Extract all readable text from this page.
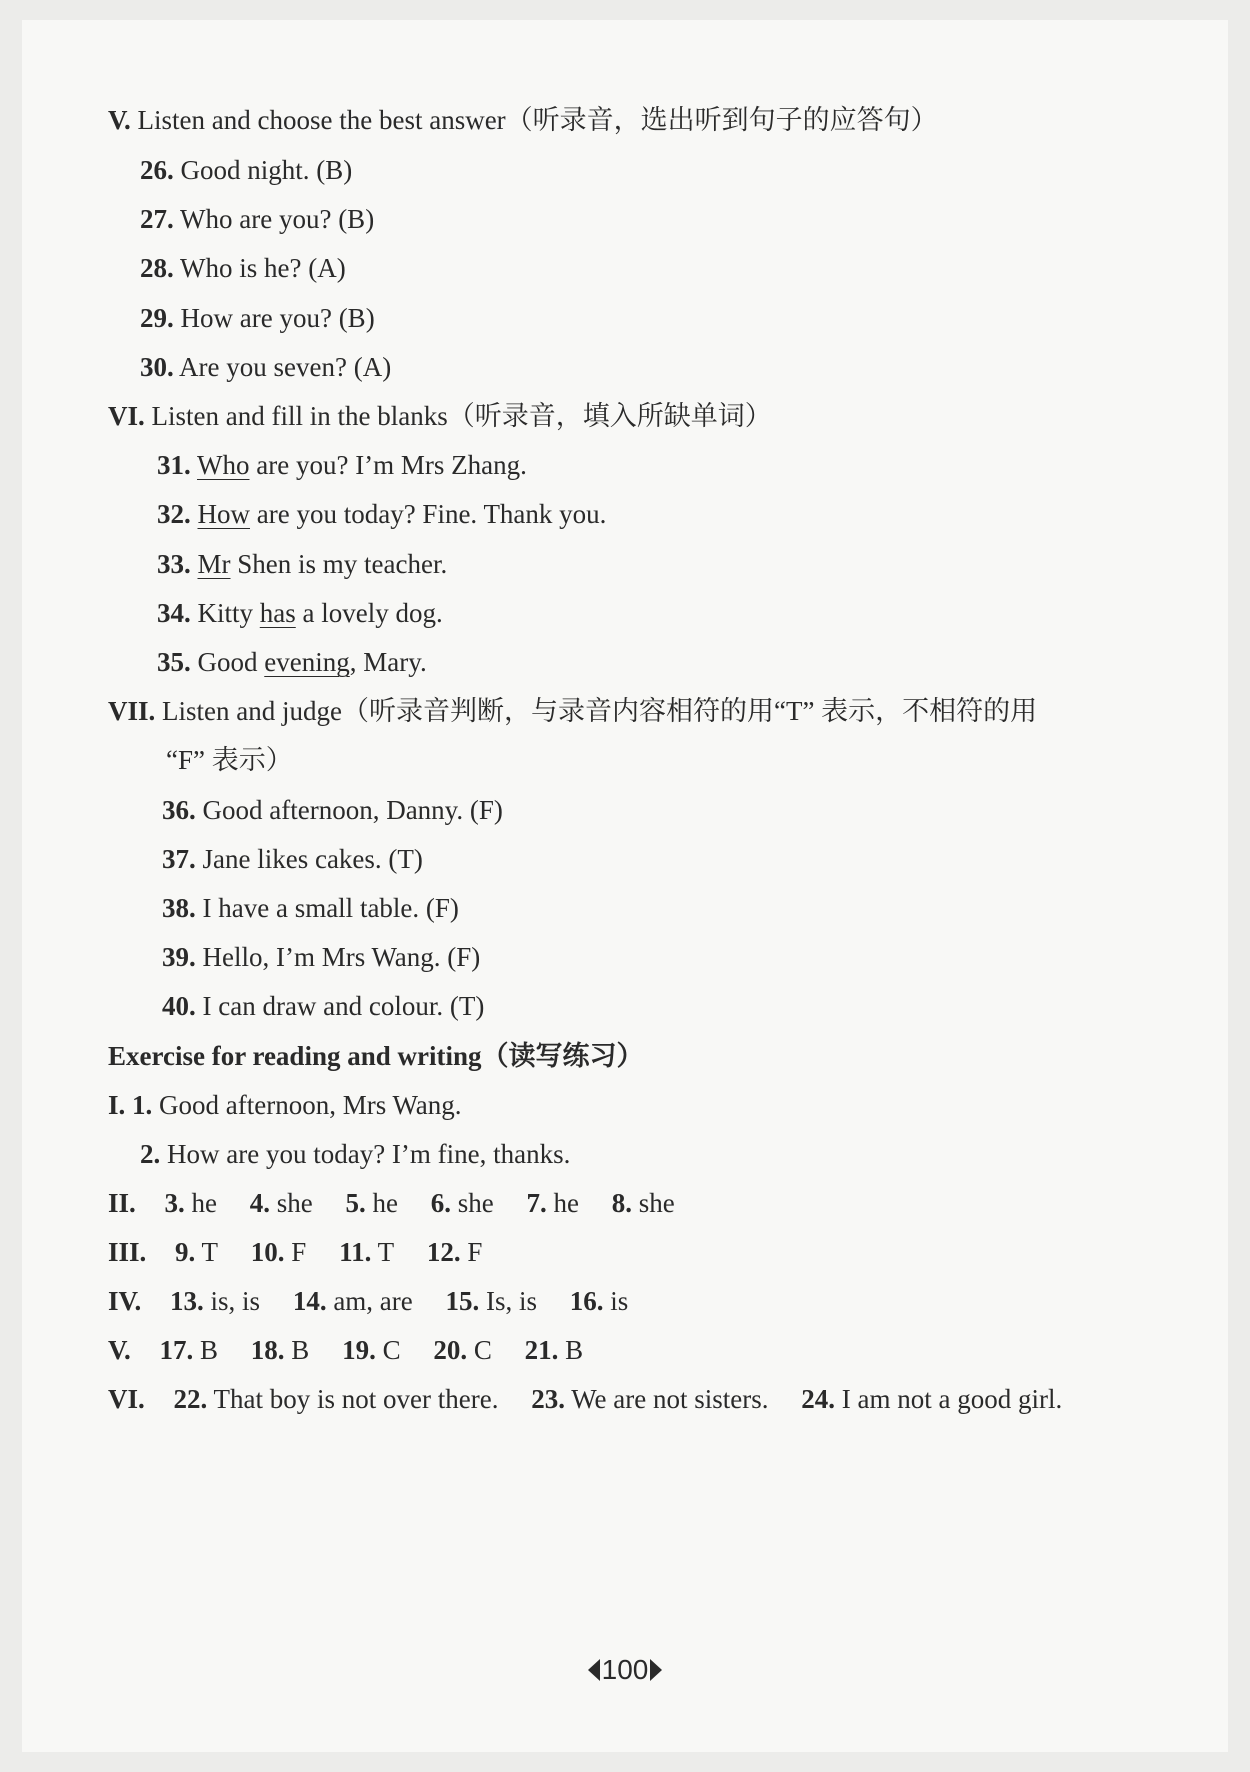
V. Listen and choose the best answer（听录音，选出听到句子的应答句）
26. Good night. (B)
27. Who are you? (B)
28. Who is he? (A)
29. How are you? (B)
30. Are you seven? (A)
VI. Listen and fill in the blanks（听录音，填入所缺单词）
31. Who are you? I’m Mrs Zhang.
32. How are you today? Fine. Thank you.
33. Mr Shen is my teacher.
34. Kitty has a lovely dog.
35. Good evening, Mary.
VII. Listen and judge（听录音判断，与录音内容相符的用“T” 表示，不相符的用
“F” 表示）
36. Good afternoon, Danny. (F)
37. Jane likes cakes. (T)
38. I have a small table. (F)
39. Hello, I’m Mrs Wang. (F)
40. I can draw and colour. (T)
Exercise for reading and writing（读写练习）
I. 1. Good afternoon, Mrs Wang.
2. How are you today? I’m fine, thanks.
II. 3. he 4. she 5. he 6. she 7. he 8. she
III. 9. T 10. F 11. T 12. F
IV. 13. is, is 14. am, are 15. Is, is 16. is
V. 17. B 18. B 19. C 20. C 21. B
VI. 22. That boy is not over there. 23. We are not sisters. 24. I am not a good girl.
100
